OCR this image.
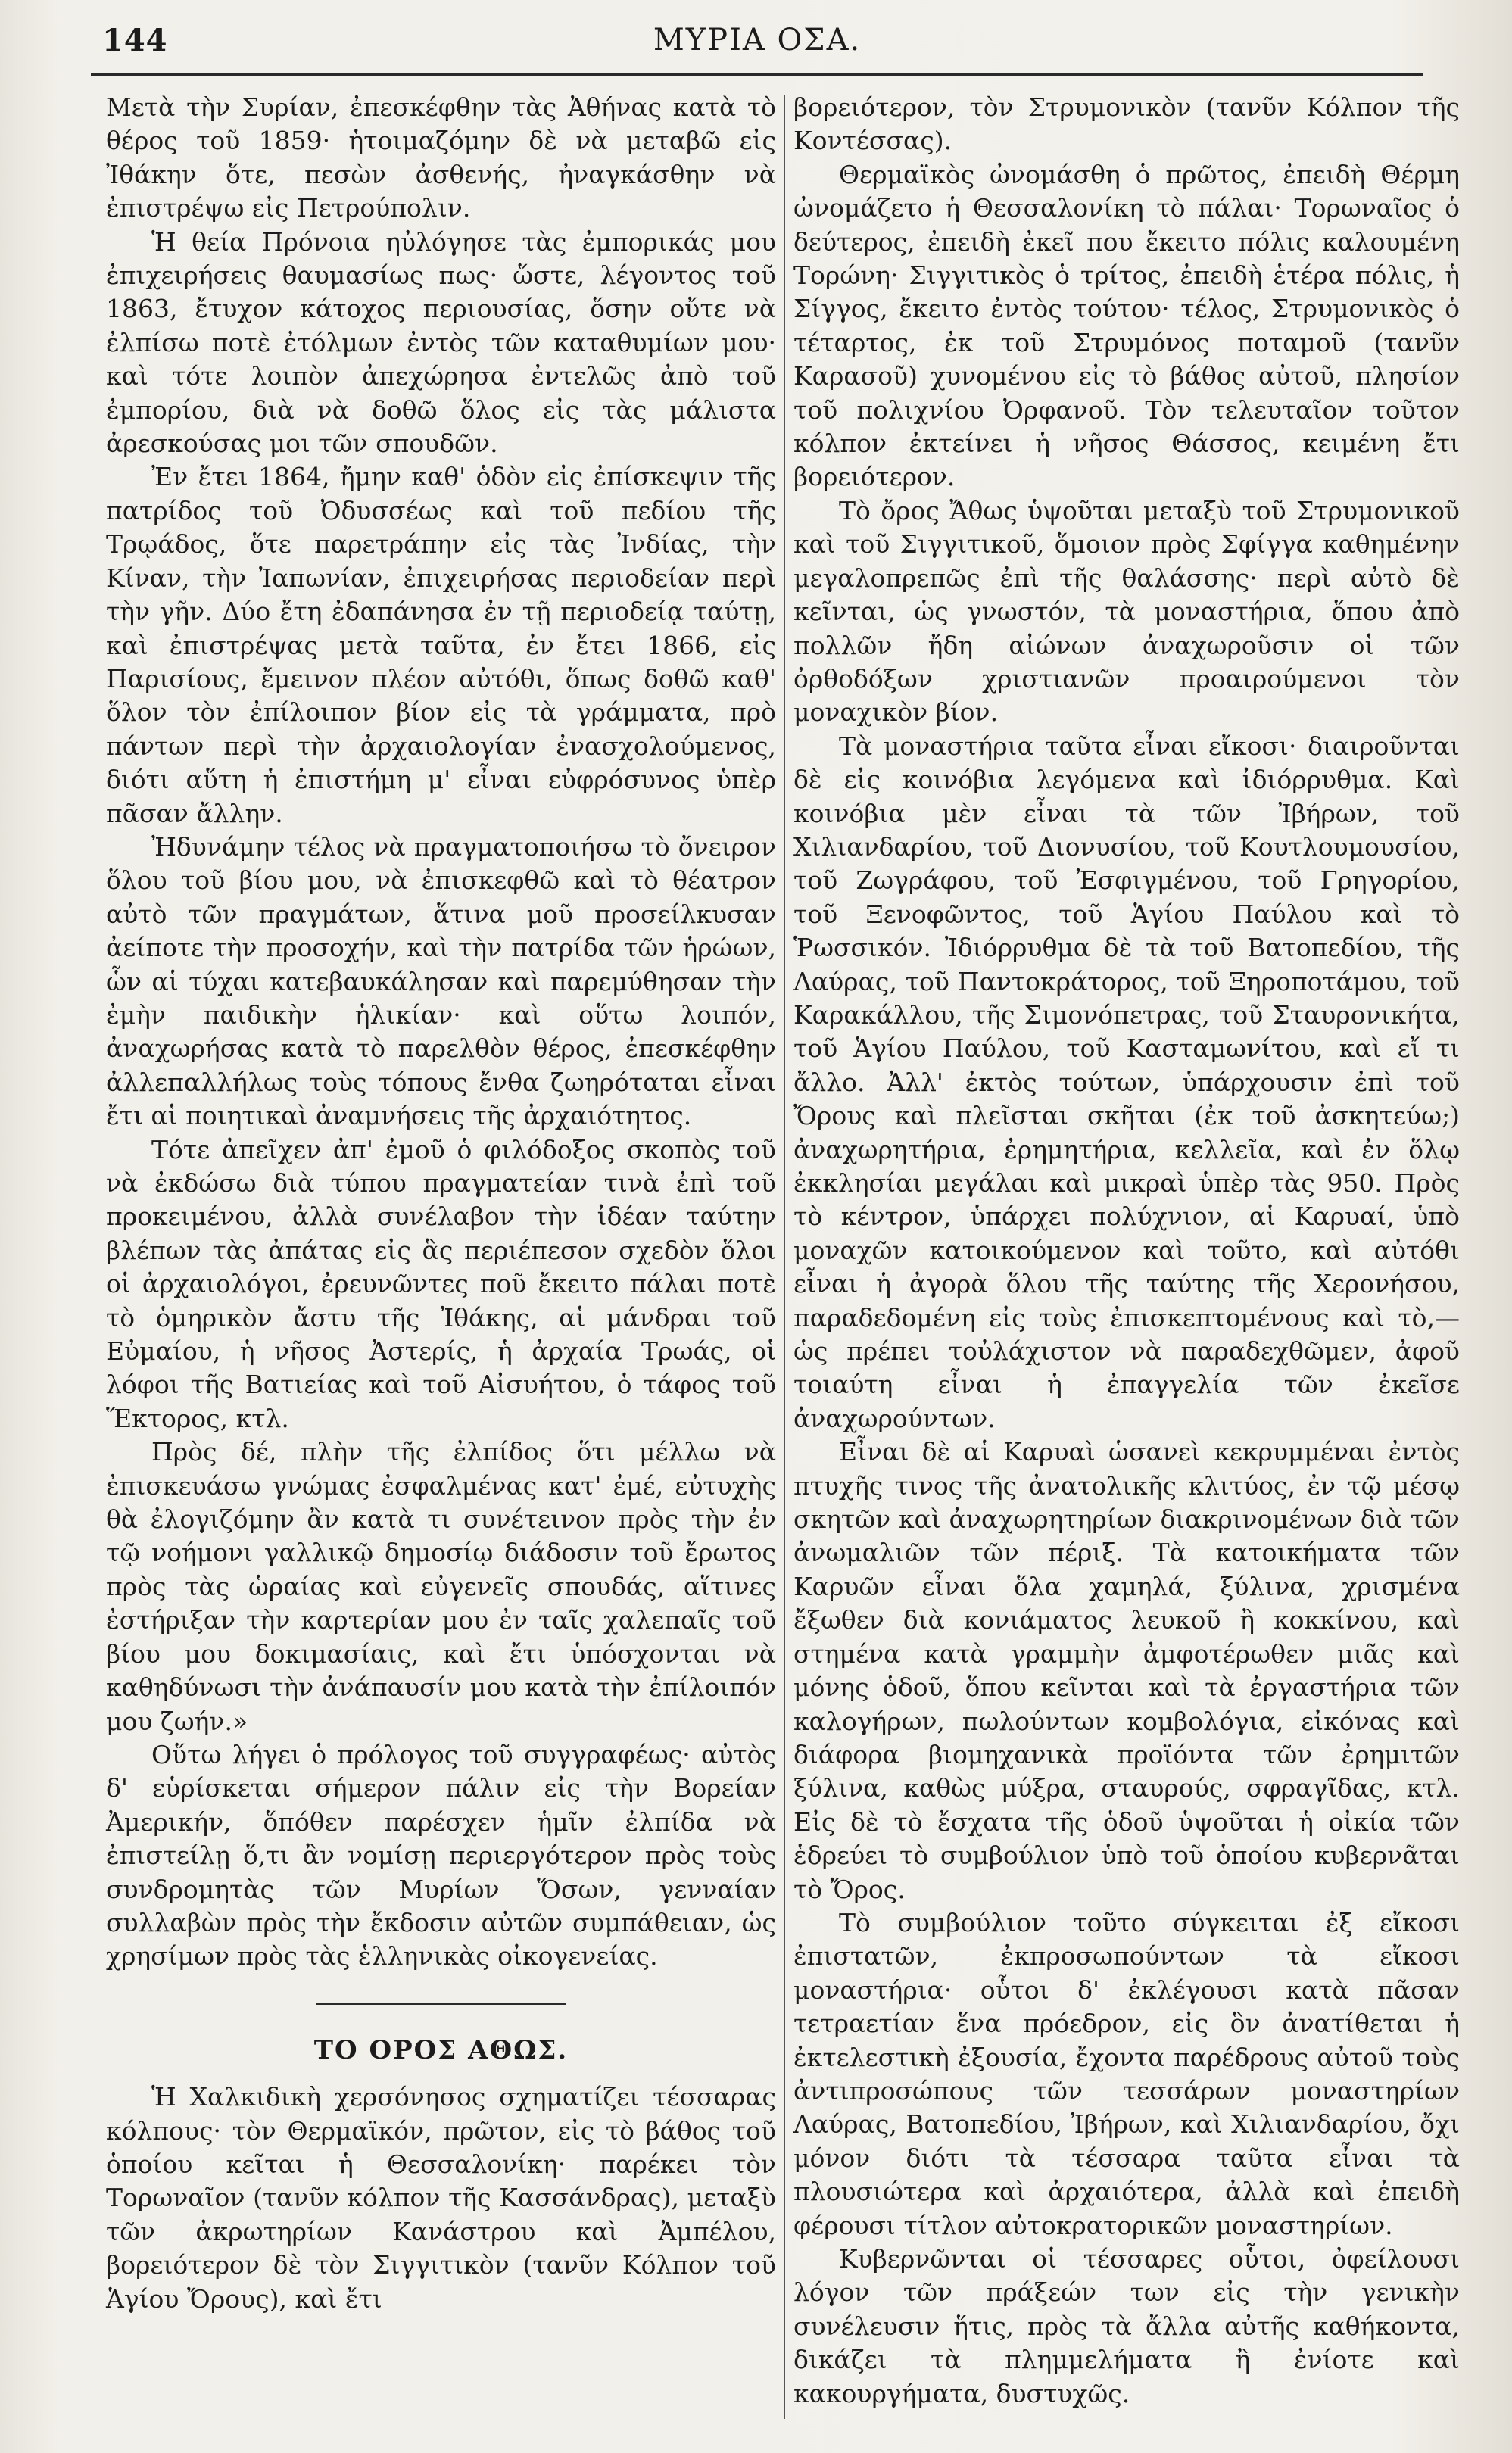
144	ΜΥΡΙΑ ΟΣΑ.

Μετὰ τὴν Συρίαν, ἐπεσκέφθην τὰς Ἀθήνας κατὰ τὸ θέρος τοῦ 1859· ἡτοιμαζόμην δὲ νὰ μεταβῶ εἰς Ἰθάκην ὅτε, πεσὼν ἀσθενής, ἠναγκάσθην νὰ ἐπιστρέψω εἰς Πετρούπολιν.

Ἡ θεία Πρόνοια ηὐλόγησε τὰς ἐμπορικάς μου ἐπιχειρήσεις θαυμασίως πως· ὥστε, λέγοντος τοῦ 1863, ἔτυχον κάτοχος περιουσίας, ὅσην οὔτε νὰ ἐλπίσω ποτὲ ἐτόλμων ἐντὸς τῶν καταθυμίων μου· καὶ τότε λοιπὸν ἀπεχώρησα ἐντελῶς ἀπὸ τοῦ ἐμπορίου, διὰ νὰ δοθῶ ὅλος εἰς τὰς μάλιστα ἀρεσκούσας μοι τῶν σπουδῶν.

Ἐν ἔτει 1864, ἤμην καθ' ὁδὸν εἰς ἐπίσκεψιν τῆς πατρίδος τοῦ Ὀδυσσέως καὶ τοῦ πεδίου τῆς Τρῳάδος, ὅτε παρετράπην εἰς τὰς Ἰνδίας, τὴν Κίναν, τὴν Ἰαπωνίαν, ἐπιχειρήσας περιοδείαν περὶ τὴν γῆν. Δύο ἔτη ἐδαπάνησα ἐν τῇ περιοδείᾳ ταύτῃ, καὶ ἐπιστρέψας μετὰ ταῦτα, ἐν ἔτει 1866, εἰς Παρισίους, ἔμεινον πλέον αὐτόθι, ὅπως δοθῶ καθ' ὅλον τὸν ἐπίλοιπον βίον εἰς τὰ γράμματα, πρὸ πάντων περὶ τὴν ἀρχαιολογίαν ἐνασχολούμενος, διότι αὕτη ἡ ἐπιστήμη μ' εἶναι εὐφρόσυνος ὑπὲρ πᾶσαν ἄλλην.

Ἠδυνάμην τέλος νὰ πραγματοποιήσω τὸ ὄνειρον ὅλου τοῦ βίου μου, νὰ ἐπισκεφθῶ καὶ τὸ θέατρον αὐτὸ τῶν πραγμάτων, ἅτινα μοῦ προσείλκυσαν ἀείποτε τὴν προσοχήν, καὶ τὴν πατρίδα τῶν ἡρώων, ὧν αἱ τύχαι κατεβαυκάλησαν καὶ παρεμύθησαν τὴν ἐμὴν παιδικὴν ἡλικίαν· καὶ οὕτω λοιπόν, ἀναχωρήσας κατὰ τὸ παρελθὸν θέρος, ἐπεσκέφθην ἀλλεπαλλήλως τοὺς τόπους ἔνθα ζωηρόταται εἶναι ἔτι αἱ ποιητικαὶ ἀναμνήσεις τῆς ἀρχαιότητος.

Τότε ἀπεῖχεν ἀπ' ἐμοῦ ὁ φιλόδοξος σκοπὸς τοῦ νὰ ἐκδώσω διὰ τύπου πραγματείαν τινὰ ἐπὶ τοῦ προκειμένου, ἀλλὰ συνέλαβον τὴν ἰδέαν ταύτην βλέπων τὰς ἀπάτας εἰς ἃς περιέπεσον σχεδὸν ὅλοι οἱ ἀρχαιολόγοι, ἐρευνῶντες ποῦ ἔκειτο πάλαι ποτὲ τὸ ὁμηρικὸν ἄστυ τῆς Ἰθάκης, αἱ μάνδραι τοῦ Εὐμαίου, ἡ νῆσος Ἀστερίς, ἡ ἀρχαία Τρωάς, οἱ λόφοι τῆς Βατιείας καὶ τοῦ Αἰσυήτου, ὁ τάφος τοῦ Ἕκτορος, κτλ.

Πρὸς δέ, πλὴν τῆς ἐλπίδος ὅτι μέλλω νὰ ἐπισκευάσω γνώμας ἐσφαλμένας κατ' ἐμέ, εὐτυχὴς θὰ ἐλογιζόμην ἂν κατὰ τι συνέτεινον πρὸς τὴν ἐν τῷ νοήμονι γαλλικῷ δημοσίῳ διάδοσιν τοῦ ἔρωτος πρὸς τὰς ὡραίας καὶ εὐγενεῖς σπουδάς, αἵτινες ἐστήριξαν τὴν καρτερίαν μου ἐν ταῖς χαλεπαῖς τοῦ βίου μου δοκιμασίαις, καὶ ἔτι ὑπόσχονται νὰ καθηδύνωσι τὴν ἀνάπαυσίν μου κατὰ τὴν ἐπίλοιπόν μου ζωήν.»

Οὕτω λήγει ὁ πρόλογος τοῦ συγγραφέως· αὐτὸς δ' εὑρίσκεται σήμερον πάλιν εἰς τὴν Βορείαν Ἀμερικήν, ὅπόθεν παρέσχεν ἡμῖν ἐλπίδα νὰ ἐπιστείλῃ ὅ,τι ἂν νομίσῃ περιεργότερον πρὸς τοὺς συνδρομητὰς τῶν Μυρίων Ὅσων, γενναίαν συλλαβὼν πρὸς τὴν ἔκδοσιν αὐτῶν συμπάθειαν, ὡς χρησίμων πρὸς τὰς ἑλληνικὰς οἰκογενείας.

ΤΟ ΟΡΟΣ ΑΘΩΣ.

Ἡ Χαλκιδικὴ χερσόνησος σχηματίζει τέσσαρας κόλπους· τὸν Θερμαϊκόν, πρῶτον, εἰς τὸ βάθος τοῦ ὁποίου κεῖται ἡ Θεσσαλονίκη· παρέκει τὸν Τορωναῖον (τανῦν κόλπον τῆς Κασσάνδρας), μεταξὺ τῶν ἀκρωτηρίων Κανάστρου καὶ Ἀμπέλου, βορειότερον δὲ τὸν Σιγγιτικὸν (τανῦν Κόλπον τοῦ Ἁγίου Ὄρους), καὶ ἔτι

βορειότερον, τὸν Στρυμονικὸν (τανῦν Κόλπον τῆς Κοντέσσας).

Θερμαϊκὸς ὠνομάσθη ὁ πρῶτος, ἐπειδὴ Θέρμη ὠνομάζετο ἡ Θεσσαλονίκη τὸ πάλαι· Τορωναῖος ὁ δεύτερος, ἐπειδὴ ἐκεῖ που ἔκειτο πόλις καλουμένη Τορώνη· Σιγγιτικὸς ὁ τρίτος, ἐπειδὴ ἑτέρα πόλις, ἡ Σίγγος, ἔκειτο ἐντὸς τούτου· τέλος, Στρυμονικὸς ὁ τέταρτος, ἐκ τοῦ Στρυμόνος ποταμοῦ (τανῦν Καρασοῦ) χυνομένου εἰς τὸ βάθος αὐτοῦ, πλησίον τοῦ πολιχνίου Ὀρφανοῦ. Τὸν τελευταῖον τοῦτον κόλπον ἐκτείνει ἡ νῆσος Θάσσος, κειμένη ἔτι βορειότερον.

Τὸ ὄρος Ἄθως ὑψοῦται μεταξὺ τοῦ Στρυμονικοῦ καὶ τοῦ Σιγγιτικοῦ, ὅμοιον πρὸς Σφίγγα καθημένην μεγαλοπρεπῶς ἐπὶ τῆς θαλάσσης· περὶ αὐτὸ δὲ κεῖνται, ὡς γνωστόν, τὰ μοναστήρια, ὅπου ἀπὸ πολλῶν ἤδη αἰώνων ἀναχωροῦσιν οἱ τῶν ὀρθοδόξων χριστιανῶν προαιρούμενοι τὸν μοναχικὸν βίον.

Τὰ μοναστήρια ταῦτα εἶναι εἴκοσι· διαιροῦνται δὲ εἰς κοινόβια λεγόμενα καὶ ἰδιόρρυθμα. Καὶ κοινόβια μὲν εἶναι τὰ τῶν Ἰβήρων, τοῦ Χιλιανδαρίου, τοῦ Διονυσίου, τοῦ Κουτλουμουσίου, τοῦ Ζωγράφου, τοῦ Ἐσφιγμένου, τοῦ Γρηγορίου, τοῦ Ξενοφῶντος, τοῦ Ἁγίου Παύλου καὶ τὸ Ῥωσσικόν. Ἰδιόρρυθμα δὲ τὰ τοῦ Βατοπεδίου, τῆς Λαύρας, τοῦ Παντοκράτορος, τοῦ Ξηροποτάμου, τοῦ Καρακάλλου, τῆς Σιμονόπετρας, τοῦ Σταυρονικήτα, τοῦ Ἁγίου Παύλου, τοῦ Κασταμωνίτου, καὶ εἴ τι ἄλλο. Ἀλλ' ἐκτὸς τούτων, ὑπάρχουσιν ἐπὶ τοῦ Ὄρους καὶ πλεῖσται σκῆται (ἐκ τοῦ ἀσκητεύω;) ἀναχωρητήρια, ἐρημητήρια, κελλεῖα, καὶ ἐν ὅλῳ ἐκκλησίαι μεγάλαι καὶ μικραὶ ὑπὲρ τὰς 950. Πρὸς τὸ κέντρον, ὑπάρχει πολύχνιον, αἱ Καρυαί, ὑπὸ μοναχῶν κατοικούμενον καὶ τοῦτο, καὶ αὐτόθι εἶναι ἡ ἀγορὰ ὅλου τῆς ταύτης τῆς Χερονήσου, παραδεδομένη εἰς τοὺς ἐπισκεπτομένους καὶ τὸ,—ὡς πρέπει τοὐλάχιστον νὰ παραδεχθῶμεν, ἀφοῦ τοιαύτη εἶναι ἡ ἐπαγγελία τῶν ἐκεῖσε ἀναχωρούντων.

Εἶναι δὲ αἱ Καρυαὶ ὡσανεὶ κεκρυμμέναι ἐντὸς πτυχῆς τινος τῆς ἀνατολικῆς κλιτύος, ἐν τῷ μέσῳ σκητῶν καὶ ἀναχωρητηρίων διακρινομένων διὰ τῶν ἀνωμαλιῶν τῶν πέριξ. Τὰ κατοικήματα τῶν Καρυῶν εἶναι ὅλα χαμηλά, ξύλινα, χρισμένα ἔξωθεν διὰ κονιάματος λευκοῦ ἢ κοκκίνου, καὶ στημένα κατὰ γραμμὴν ἀμφοτέρωθεν μιᾶς καὶ μόνης ὁδοῦ, ὅπου κεῖνται καὶ τὰ ἐργαστήρια τῶν καλογήρων, πωλούντων κομβολόγια, εἰκόνας καὶ διάφορα βιομηχανικὰ προϊόντα τῶν ἐρημιτῶν ξύλινα, καθὼς μύξρα, σταυρούς, σφραγῖδας, κτλ. Εἰς δὲ τὸ ἔσχατα τῆς ὁδοῦ ὑψοῦται ἡ οἰκία τῶν ἑδρεύει τὸ συμβούλιον ὑπὸ τοῦ ὁποίου κυβερνᾶται τὸ Ὄρος.

Τὸ συμβούλιον τοῦτο σύγκειται ἐξ εἴκοσι ἐπιστατῶν, ἐκπροσωπούντων τὰ εἴκοσι μοναστήρια· οὗτοι δ' ἐκλέγουσι κατὰ πᾶσαν τετραετίαν ἕνα πρόεδρον, εἰς ὃν ἀνατίθεται ἡ ἐκτελεστικὴ ἐξουσία, ἔχοντα παρέδρους αὐτοῦ τοὺς ἀντιπροσώπους τῶν τεσσάρων μοναστηρίων Λαύρας, Βατοπεδίου, Ἰβήρων, καὶ Χιλιανδαρίου, ὄχι μόνον διότι τὰ τέσσαρα ταῦτα εἶναι τὰ πλουσιώτερα καὶ ἀρχαιότερα, ἀλλὰ καὶ ἐπειδὴ φέρουσι τίτλον αὐτοκρατορικῶν μοναστηρίων.

Κυβερνῶνται οἱ τέσσαρες οὗτοι, ὀφείλουσι λόγον τῶν πράξεών των εἰς τὴν γενικὴν συνέλευσιν ἥτις, πρὸς τὰ ἄλλα αὐτῆς καθήκοντα, δικάζει τὰ πλημμελήματα ἢ ἐνίοτε καὶ κακουργήματα, δυστυχῶς.
